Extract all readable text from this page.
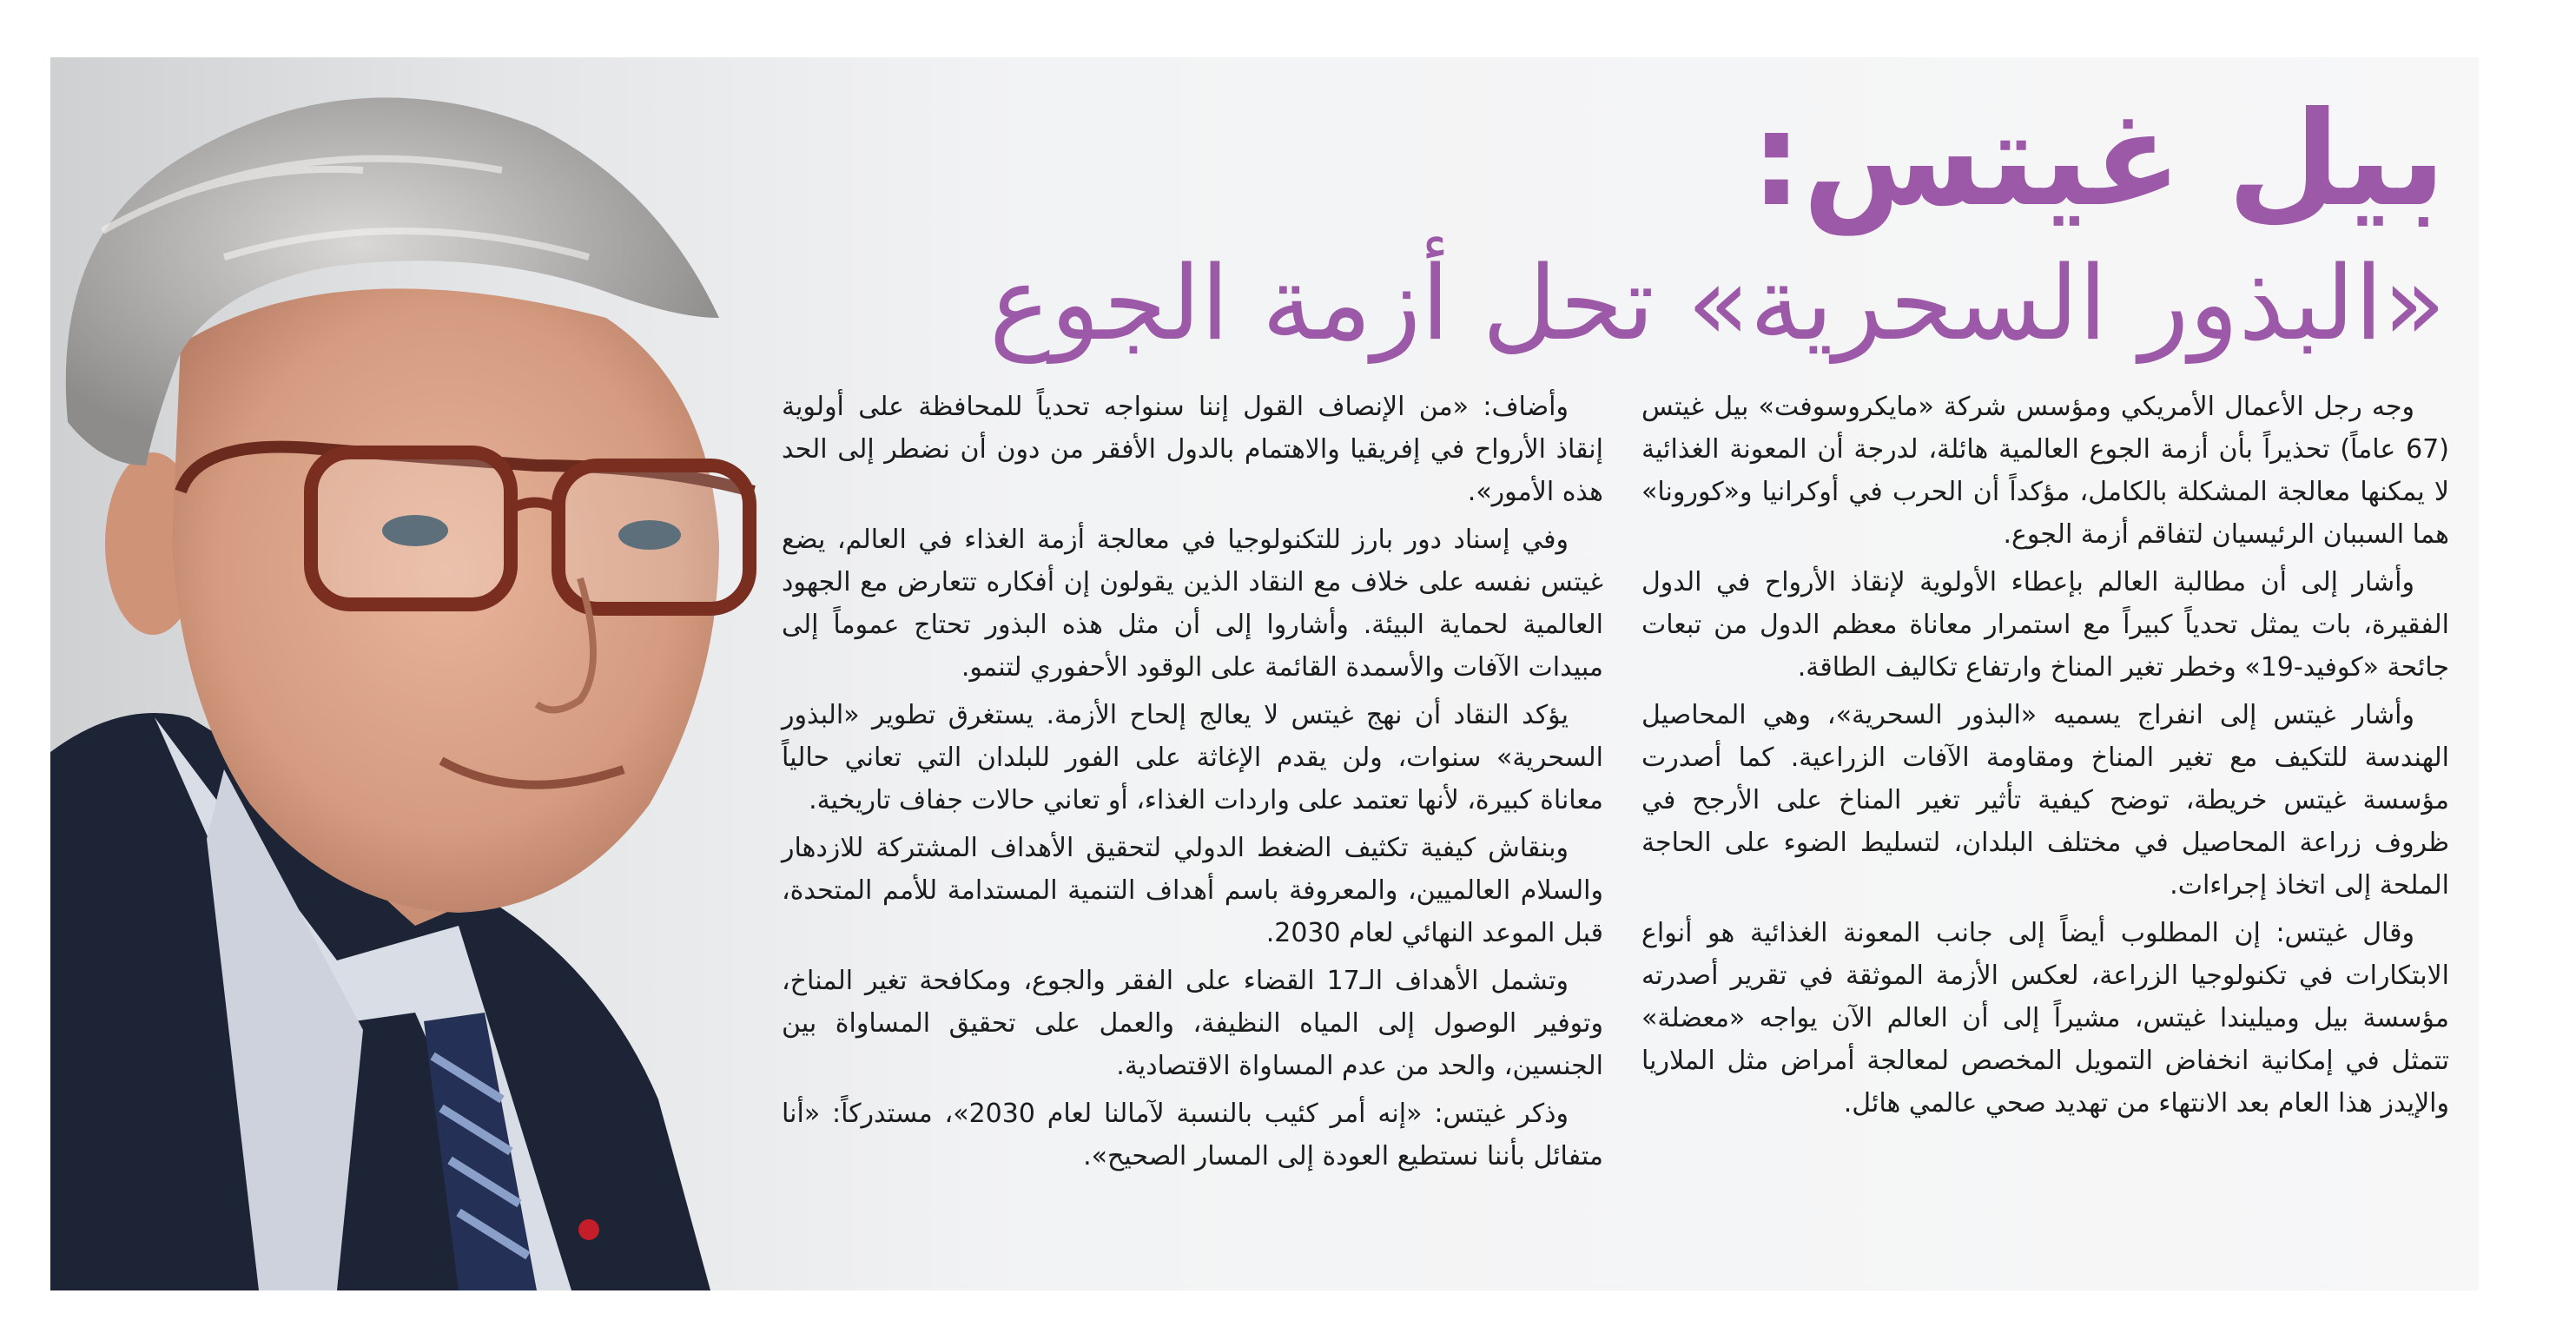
بيل غيتس:
«البذور السحرية» تحل أزمة الجوع

وجه رجل الأعمال الأمريكي ومؤسس شركة «مايكروسوفت» بيل غيتس (67 عاماً) تحذيراً بأن أزمة الجوع العالمية هائلة، لدرجة أن المعونة الغذائية لا يمكنها معالجة المشكلة بالكامل، مؤكداً أن الحرب في أوكرانيا و«كورونا» هما السببان الرئيسيان لتفاقم أزمة الجوع.

وأشار إلى أن مطالبة العالم بإعطاء الأولوية لإنقاذ الأرواح في الدول الفقيرة، بات يمثل تحدياً كبيراً مع استمرار معاناة معظم الدول من تبعات جائحة «كوفيد-19» وخطر تغير المناخ وارتفاع تكاليف الطاقة.

وأشار غيتس إلى انفراج يسميه «البذور السحرية»، وهي المحاصيل الهندسة للتكيف مع تغير المناخ ومقاومة الآفات الزراعية. كما أصدرت مؤسسة غيتس خريطة، توضح كيفية تأثير تغير المناخ على الأرجح في ظروف زراعة المحاصيل في مختلف البلدان، لتسليط الضوء على الحاجة الملحة إلى اتخاذ إجراءات.

وقال غيتس: إن المطلوب أيضاً إلى جانب المعونة الغذائية هو أنواع الابتكارات في تكنولوجيا الزراعة، لعكس الأزمة الموثقة في تقرير أصدرته مؤسسة بيل وميليندا غيتس، مشيراً إلى أن العالم الآن يواجه «معضلة» تتمثل في إمكانية انخفاض التمويل المخصص لمعالجة أمراض مثل الملاريا والإيدز هذا العام بعد الانتهاء من تهديد صحي عالمي هائل.

وأضاف: «من الإنصاف القول إننا سنواجه تحدياً للمحافظة على أولوية إنقاذ الأرواح في إفريقيا والاهتمام بالدول الأفقر من دون أن نضطر إلى الحد هذه الأمور».

وفي إسناد دور بارز للتكنولوجيا في معالجة أزمة الغذاء في العالم، يضع غيتس نفسه على خلاف مع النقاد الذين يقولون إن أفكاره تتعارض مع الجهود العالمية لحماية البيئة. وأشاروا إلى أن مثل هذه البذور تحتاج عموماً إلى مبيدات الآفات والأسمدة القائمة على الوقود الأحفوري لتنمو.

يؤكد النقاد أن نهج غيتس لا يعالج إلحاح الأزمة. يستغرق تطوير «البذور السحرية» سنوات، ولن يقدم الإغاثة على الفور للبلدان التي تعاني حالياً معاناة كبيرة، لأنها تعتمد على واردات الغذاء، أو تعاني حالات جفاف تاريخية.

وبنقاش كيفية تكثيف الضغط الدولي لتحقيق الأهداف المشتركة للازدهار والسلام العالميين، والمعروفة باسم أهداف التنمية المستدامة للأمم المتحدة، قبل الموعد النهائي لعام 2030.

وتشمل الأهداف الـ17 القضاء على الفقر والجوع، ومكافحة تغير المناخ، وتوفير الوصول إلى المياه النظيفة، والعمل على تحقيق المساواة بين الجنسين، والحد من عدم المساواة الاقتصادية.

وذكر غيتس: «إنه أمر كئيب بالنسبة لآمالنا لعام 2030»، مستدركاً: «أنا متفائل بأننا نستطيع العودة إلى المسار الصحيح».
